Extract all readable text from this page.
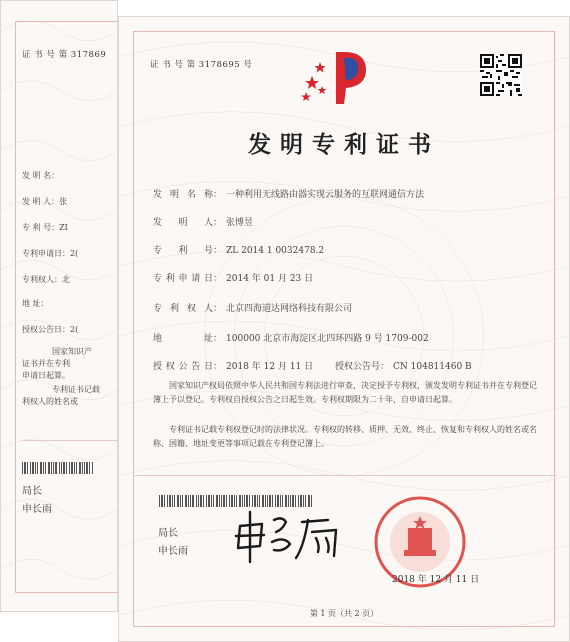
证 书 号 第 317869
发 明 名：
发 明 人：张
专 利 号：ZI
专利申请日：2(
专利权人：北
地 址：
授权公告日：2(
国家知识产
证书并在专利
申请日起算。
专利证书记载
利权人的姓名或
局长
申长雨
发 明 名 称： 一种利用无线路由器实现云服务的互联网通信方法
发 明 人： 张博昱
专 利 号： ZL 2014 1 0032478.2
专利申请日： 2014 年 01 月 23 日
专 利 权 人： 北京四海道达网络科技有限公司
地 址： 100000 北京市海淀区北四环四路 9 号 1709-002
授权公告日： 2018 年 12 月 11 日 授权公告号： CN 104811460 B
国家知识产权局依照中华人民共和国专利法进行审查，决定授予专利权，颁发发明专利证书并在专利登记簿上予以登记。专利权自授权公告之日起生效。专利权期限为二十年，自申请日起算。
专利证书记载专利权登记时的法律状况。专利权的转移、质押、无效、终止、恢复和专利权人的姓名或名称、国籍、地址变更等事项记载在专利登记簿上。
证 书 号 第 3178695 号
发明专利证书
局长
申长雨
2018 年 12 月 11 日
第 1 页（共 2 页）
